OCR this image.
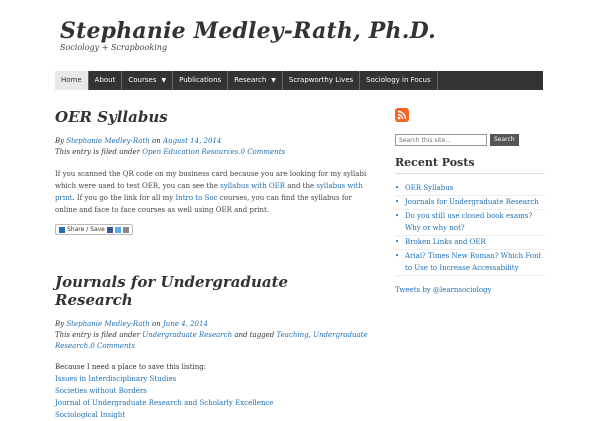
Stephanie Medley-Rath, Ph.D.
Sociology + Scrapbooking
Home	About	Courses ▼	Publications	Research ▼	Scrapworthy Lives	Sociology in Focus
OER Syllabus
By Stephanie Medley-Rath on August 14, 2014
This entry is filed under Open Education Resources.0 Comments
If you scanned the QR code on my business card because you are looking for my syllabi which were used to test OER, you can see the syllabus with OER and the syllabus with print. If you go the link for all my Intro to Soc courses, you can find the syllabus for online and face to face courses as well using OER and print.
Share / Save
Journals for Undergraduate Research
By Stephanie Medley-Rath on June 4, 2014
This entry is filed under Undergraduate Research and tagged Teaching, Undergraduate Research.0 Comments
Because I need a place to save this listing:
Issues in Interdisciplinary Studies
Societies without Borders
Journal of Undergraduate Research and Scholarly Excellence
Sociological Insight
Search this site...
Search
Recent Posts
• OER Syllabus
• Journals for Undergraduate Research
• Do you still use closed book exams? Why or why not?
• Broken Links and OER
• Arial? Times New Roman? Which Font to Use to Increase Accessability
Tweets by @learnsociology
